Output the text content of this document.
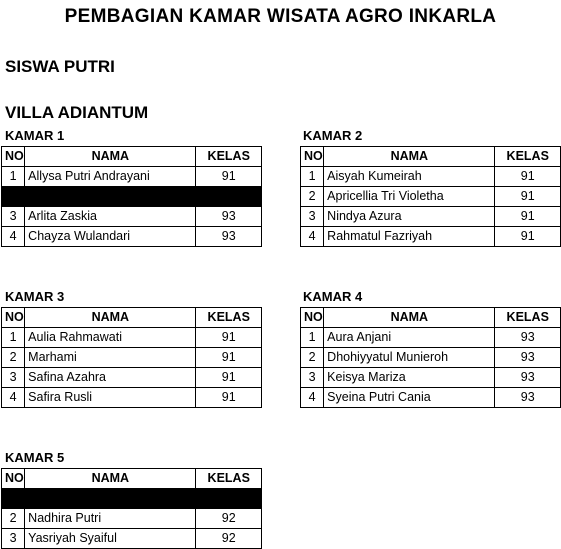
PEMBAGIAN KAMAR WISATA AGRO INKARLA
SISWA PUTRI
VILLA ADIANTUM
KAMAR 1
NO	NAMA	KELAS
1	Allysa Putri Andrayani	91

3	Arlita Zaskia	93
4	Chayza Wulandari	93
KAMAR 2
NO	NAMA	KELAS
1	Aisyah Kumeirah	91
2	Apricellia Tri Violetha	91
3	Nindya Azura	91
4	Rahmatul Fazriyah	91
KAMAR 3
NO	NAMA	KELAS
1	Aulia Rahmawati	91
2	Marhami	91
3	Safina Azahra	91
4	Safira Rusli	91
KAMAR 4
NO	NAMA	KELAS
1	Aura Anjani	93
2	Dhohiyyatul Munieroh	93
3	Keisya Mariza	93
4	Syeina Putri Cania	93
KAMAR 5
NO	NAMA	KELAS

2	Nadhira Putri	92
3	Yasriyah Syaiful	92
